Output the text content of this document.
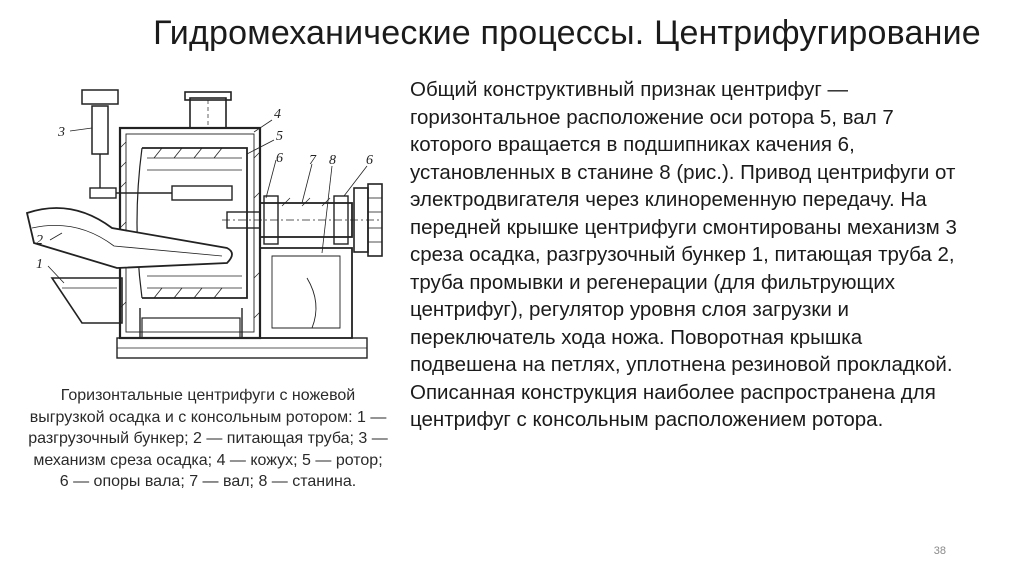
Гидромеханические процессы. Центрифугирование
3
4
5
6 7 8 6
2
1
Горизонтальные центрифуги с ножевой выгрузкой осадка и с консольным ротором: 1 — разгрузочный бункер; 2 — питающая труба; 3 — механизм среза осадка; 4 — кожух; 5 — ротор; 6 — опоры вала; 7 — вал; 8 — станина.
Общий конструктивный признак центрифуг — горизонтальное расположение оси ротора 5, вал 7 которого вращается в подшипниках качения 6, установленных в станине 8 (рис.). Привод центрифуги от электродвигателя через клиноременную передачу. На передней крышке центрифуги смонтированы механизм 3 среза осадка, разгрузочный бункер 1, питающая труба 2, труба промывки и регенерации (для фильтрующих центрифуг), регулятор уровня слоя загрузки и переключатель хода ножа. Поворотная крышка подвешена на петлях, уплотнена резиновой прокладкой. Описанная конструкция наиболее распространена для центрифуг с консольным расположением ротора.
38
